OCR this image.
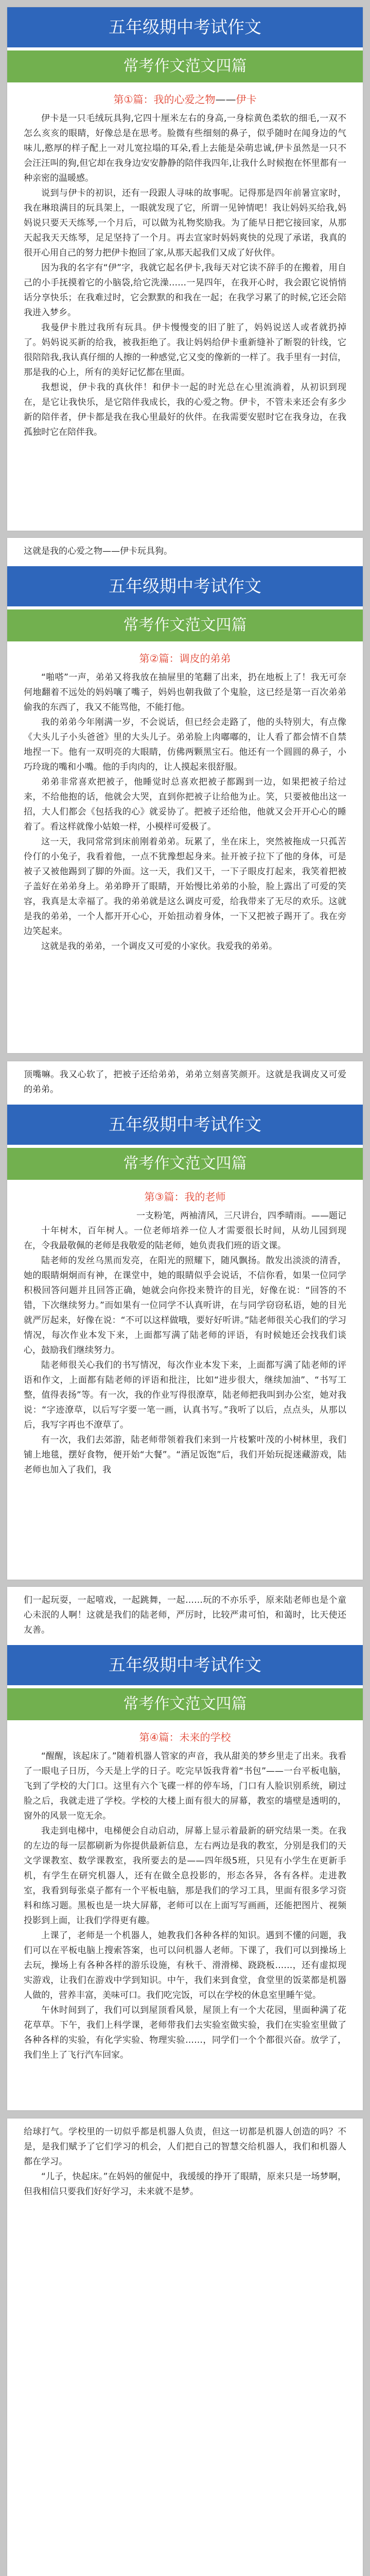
五年级期中考试作文
常考作文范文四篇
第①篇：我的心爱之物——伊卡

伊卡是一只毛绒玩具狗,它四十厘米左右的身高,一身棕黄色柔软的细毛,一双不怎么亥亥的眼睛，好像总是在思考。脸微有些细刻的鼻子，似乎随时在闻身边的气味儿,憨厚的样子配上一对儿宽拉塌的耳朵,看上去能是朵萌忠诚,伊卡虽然是一只不会汪汪叫的狗,但它却在我身边安安静静的陪伴我四年,让我什么时候抱在怀里都有一种亲密的温暖感。

说到与伊卡的初识，还有一段跟人寻味的故事呢。记得那是四年前暑宣家时，我在琳琅满目的玩具架上，一眼就发现了它，所谓一见钟情吧！我让妈妈买给我,妈妈说只要天天练琴,一个月后，可以做为礼物奖励我。为了能早日把它接回家，从那天起我天天练琴，足足坚持了一个月。再去宣家时妈妈爽快的兑现了承诺，我真的很开心用自己的努力把伊卡抱回了家,从那天起我们又成了好伙伴。

因为我的名字有“伊”字，我就它起名伊卡,我每天对它读不辞手的在搬着，用自己的小手抚摸着它的小脑袋,给它洗澡……一晃四年，在我开心时，我会跟它说悄悄话分享快乐；在我难过时，它会默默的和我在一起；在我学习累了的时候,它还会陪我进入梦乡。

我曼伊卡胜过我所有玩具。伊卡慢慢变的旧了脏了，妈妈说送人或者就扔掉了。妈妈说买新的给我，被我拒绝了。我让妈妈给伊卡重新缝补了断裂的针线，它很陪陪我,我认真仔细的人擦的一种感觉,它又变的像新的一样了。我手里有一封信，那是我的心上，所有的美好记忆都在里面。

我想说，伊卡我的真伙伴！和伊卡一起的时光总在心里流淌着，从初识到现在，是它让我快乐，是它陪伴我成长，我的心爱之物。伊卡，不管未来还会有多少新的陪伴者，伊卡都是我在我心里最好的伙伴。在我需要安慰时它在我身边，在我孤独时它在陪伴我。

这就是我的心爱之物——伊卡玩具狗。

五年级期中考试作文
常考作文范文四篇
第②篇：调皮的弟弟

“啪嗒”一声，弟弟又将我放在抽屉里的笔翻了出来，扔在地板上了！我无可奈何地翻着不远处的妈妈嚷了嘴子，妈妈也朝我做了个鬼脸，这已经是第一百次弟弟偷我的东西了，我又不能骂他，不能打他。

我的弟弟今年刚满一岁，不会说话，但已经会走路了，他的头特别大，有点像《大头儿子小头爸爸》里的大头儿子。弟弟脸上肉嘟嘟的，让人看了都会情不自禁地捏一下。他有一双明亮的大眼睛，仿佛两颗黑宝石。他还有一个圆圆的鼻子，小巧玲珑的嘴和小嘴。他的手肉肉的，让人摸起来很舒服。

弟弟非常喜欢把被子，他睡觉时总喜欢把被子都踢到一边，如果把被子给过来，不给他抱的话，他就会大哭，直到你把被子让给他为止。笑，只要被他出这一招，大人们都会《包括我的心》就妥协了。把被子还给他，他就又会开开心心的睡着了。看这样就像小姑娘一样，小模样可爱极了。

这一天，我同常常到床前刚着弟弟。玩累了，坐在床上，突然被拖成一只孤苦伶仃的小兔子，我看着他，一点不犹豫想起身来。扯开被子拉下了他的身体，可是被子又被他踢到了脚的外面。这一天，我们又干，一下子眼皮打起来，我笑着把被子盖好在弟弟身上。弟弟睁开了眼睛，开始慢比弟弟的小脸，脸上露出了可爱的笑容，我真是太幸福了。我的弟弟就是这么调皮可爱，给我带来了无尽的欢乐。这就是我的弟弟，一个人都开开心心，开始扭动着身体，一下又把被子踢开了。我在旁边笑起来。

这就是我的弟弟，一个调皮又可爱的小家伙。我爱我的弟弟。

顶嘴嘛。我又心软了，把被子还给弟弟，弟弟立刻喜笑颜开。这就是我调皮又可爱的弟弟。

五年级期中考试作文
常考作文范文四篇
第③篇：我的老师

一支粉笔，两袖清风，三尺讲台，四季晴雨。——题记

十年树木，百年树人。一位老师培养一位人才需要很长时间，从幼儿园到现在，令我最敬佩的老师是我敬爱的陆老师，她负责我们班的语文课。

陆老师的发丝乌黑而发亮，在阳光的照耀下，随风飘扬。散发出淡淡的清香，她的眼睛炯炯而有神，在课堂中，她的眼睛似乎会说话，不信你看，如果一位同学积极回答问题并且回答正确，她就会向你投来赞许的目光，好像在说：“回答的不错，下次继续努力。”而如果有一位同学不认真听讲，在与同学窃窃私语，她的目光就严厉起来，好像在说：“不可以这样做哦，要好好听讲。”陆老师很关心我们的学习情况，每次作业本发下来，上面都写满了陆老师的评语，有时候她还会找我们谈心，鼓励我们继续努力。

陆老师很关心我们的书写情况，每次作业本发下来，上面都写满了陆老师的评语和作文，上面都有陆老师的评语和批注，比如“进步很大，继续加油”、“书写工整，值得表扬”等。有一次，我的作业写得很潦草，陆老师把我叫到办公室，她对我说：“字迹潦草，以后写字要一笔一画，认真书写。”我听了以后，点点头，从那以后，我写字再也不潦草了。

有一次，我们去郊游，陆老师带领着我们来到一片枝繁叶茂的小树林里，我们铺上地毯，摆好食物，便开始“大餐”。“酒足饭饱”后，我们开始玩捉迷藏游戏，陆老师也加入了我们，我

们一起玩耍，一起嘻戏，一起跳舞，一起……玩的不亦乐乎，原来陆老师也是个童心未泯的人啊！这就是我们的陆老师，严厉时，比较严肃可怕，和蔼时，比天使还友善。

五年级期中考试作文
常考作文范文四篇
第④篇：未来的学校

“醒醒，该起床了。”随着机器人管家的声音，我从甜美的梦乡里走了出来。我看了一眼电子日历，今天是上学的日子。吃完早饭我背着“书包”——一台平板电脑，飞到了学校的大门口。这里有六个飞碟一样的停车场，门口有人脸识别系统，刷过脸之后，我就走进了学校。学校的大楼上面有很大的屏幕，教室的墙壁是透明的，窗外的风景一览无余。

我走到电梯中，电梯便会自动启动，屏幕上显示着最新的研究结果一类。在我的左边的每一层都刷新为你提供最新信息，左右两边是我的教室，分别是我们的天文学课教室、数学课教室，我所要去的是——四年级5班，只见有小学生在更新手机，有学生在研究机器人，还有在做全息投影的，形态各异，各有各样。走进教室，我看到每张桌子都有一个平板电脑，那是我们的学习工具，里面有很多学习资料和练习题。黑板也是一块大屏幕，老师可以在上面写写画画，还能把图片、视频投影到上面，让我们学得更有趣。

上课了，老师是一个机器人，她教我们各种各样的知识。遇到不懂的问题，我们可以在平板电脑上搜索答案，也可以问机器人老师。下课了，我们可以到操场上去玩，操场上有各种各样的游乐设施，有秋千、滑滑梯、跷跷板……，还有虚拟现实游戏，让我们在游戏中学到知识。中午，我们来到食堂，食堂里的饭菜都是机器人做的，营养丰富，美味可口。我们吃完饭，可以在学校的休息室里睡午觉。

午休时间到了，我们可以到屋顶看风景，屋顶上有一个大花园，里面种满了花花草草。下午，我们上科学课，老师带我们去实验室做实验，我们在实验室里做了各种各样的实验，有化学实验、物理实验……，同学们一个个都很兴奋。放学了，我们坐上了飞行汽车回家。

给球打气。学校里的一切似乎都是机器人负责，但这一切都是机器人创造的吗？不是，是我们赋予了它们学习的机会，人们把自己的智慧交给机器人，我们和机器人都在学习。

“儿子，快起床。”在妈妈的催促中，我缓缓的挣开了眼睛，原来只是一场梦啊，但我相信只要我们好好学习，未来就不是梦。
